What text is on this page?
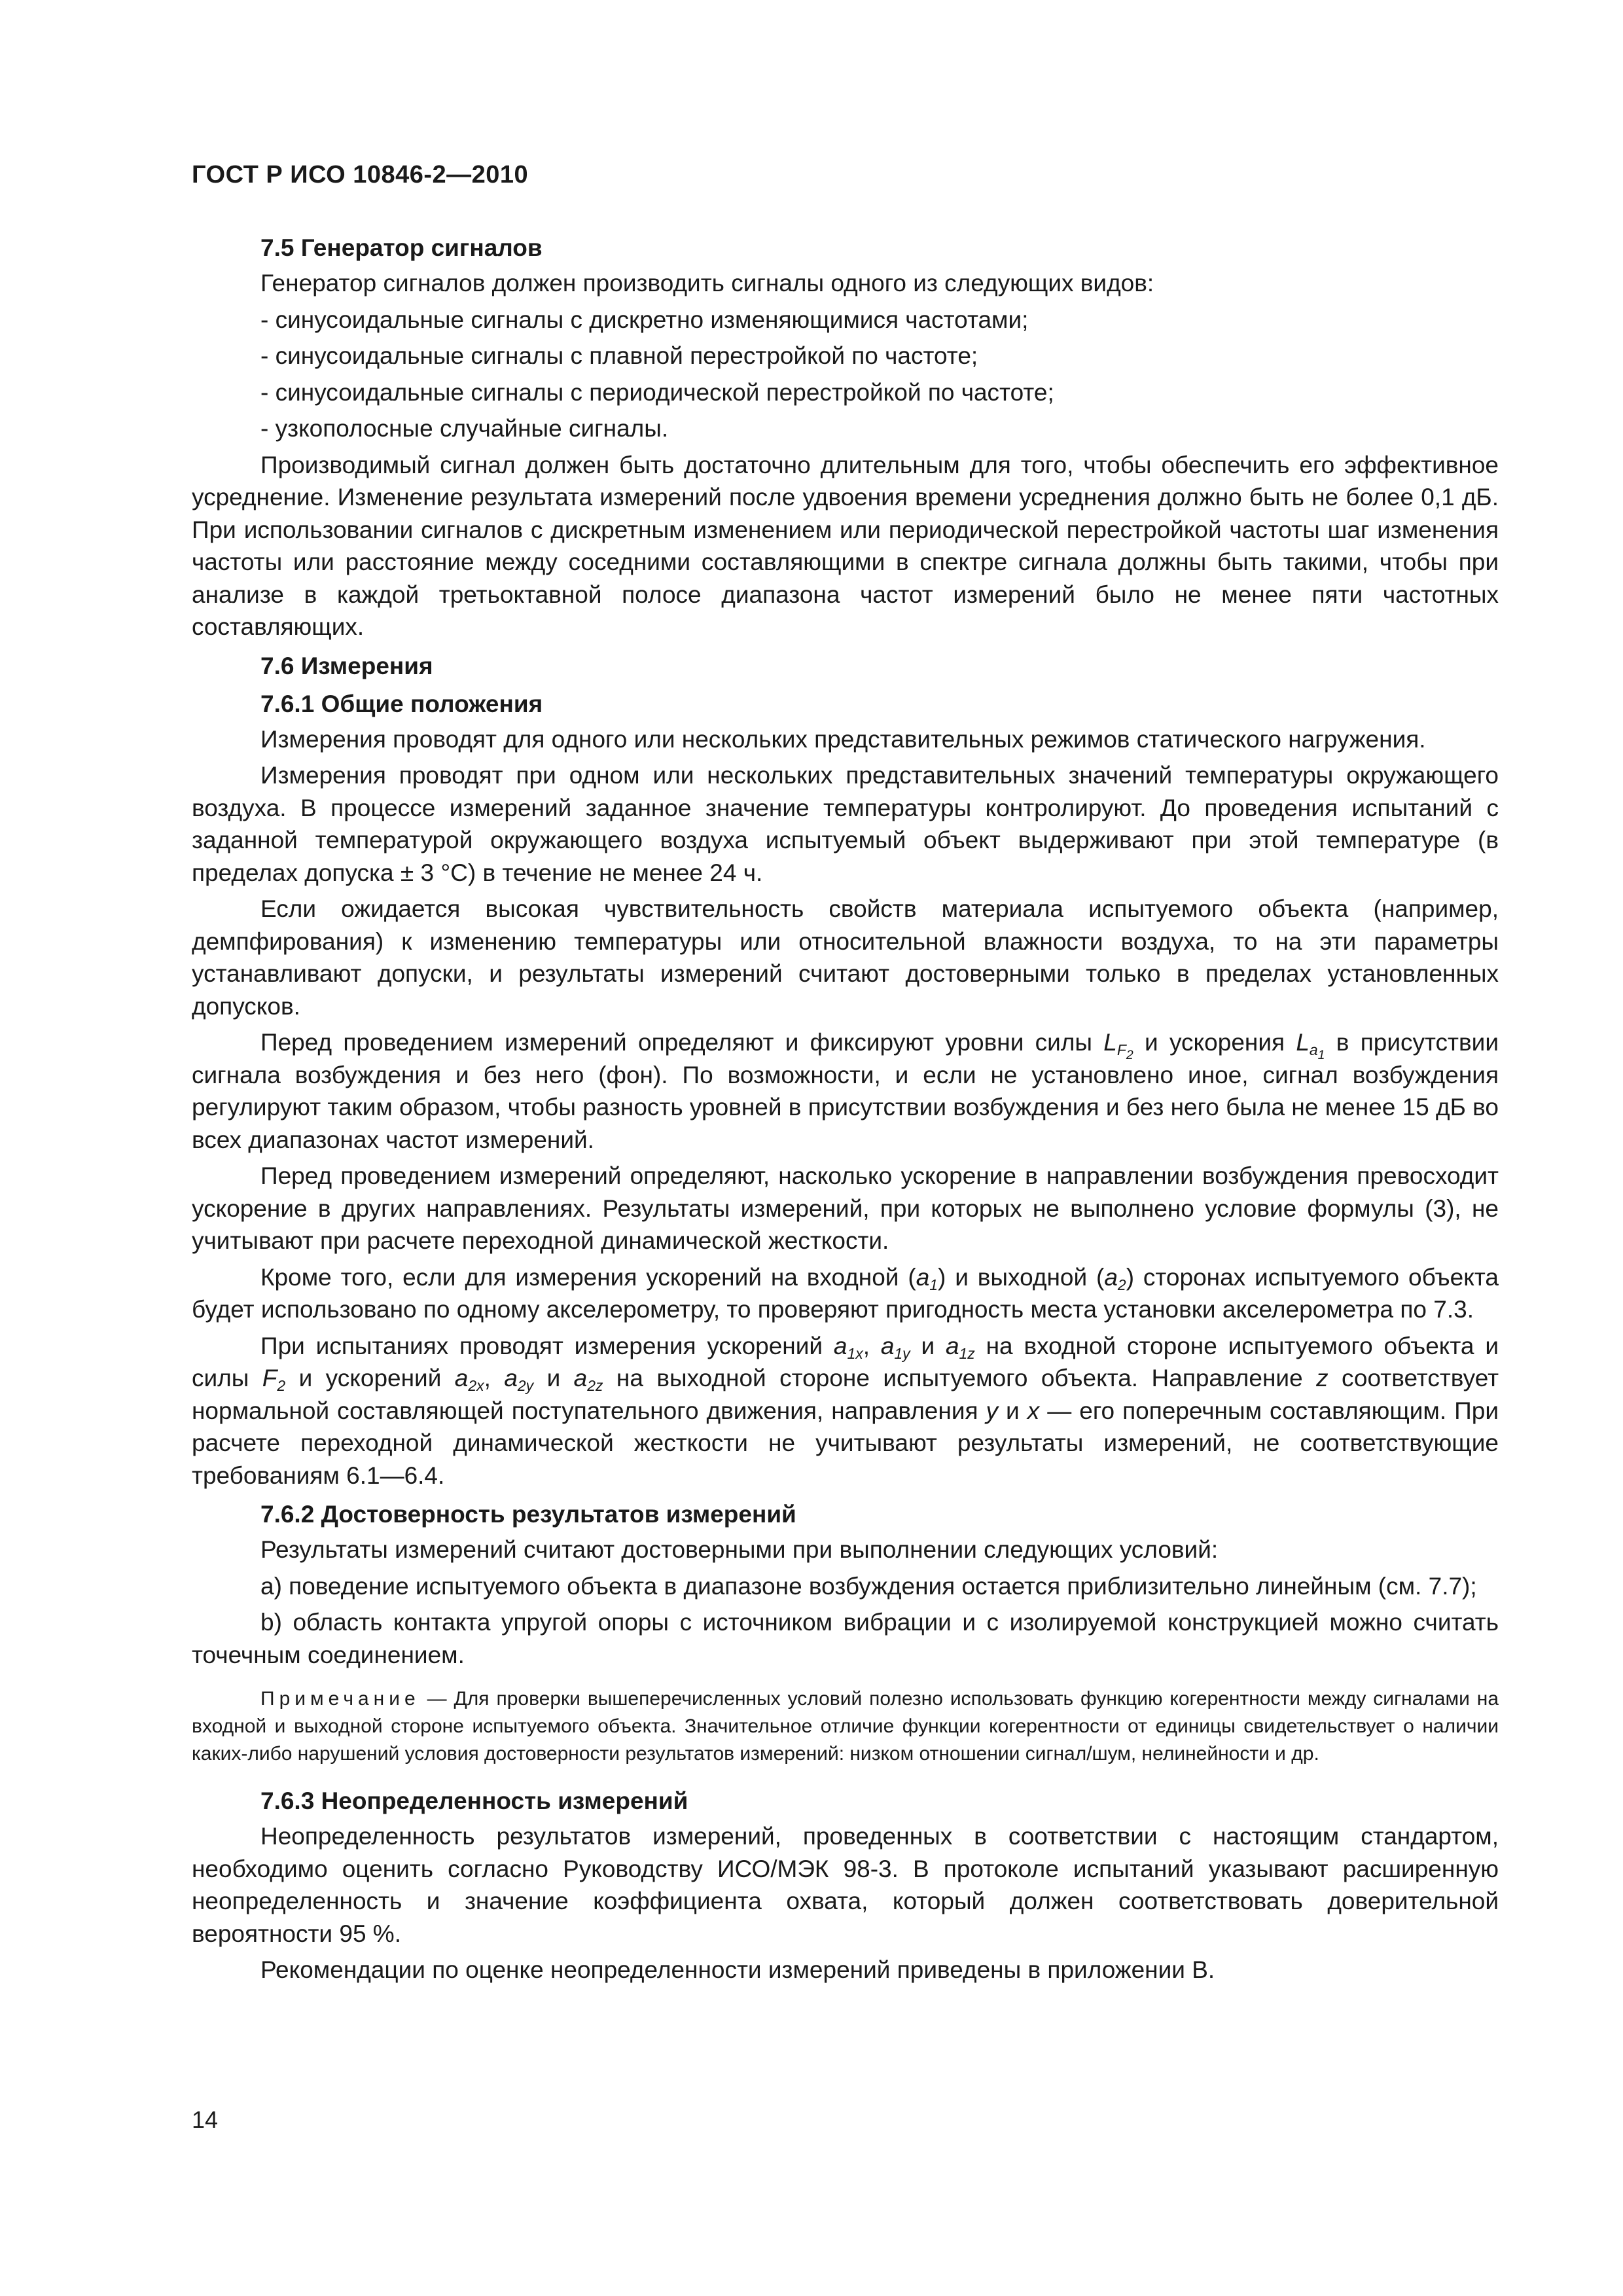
ГОСТ Р ИСО 10846-2—2010

7.5 Генератор сигналов

Генератор сигналов должен производить сигналы одного из следующих видов:

- синусоидальные сигналы с дискретно изменяющимися частотами;

- синусоидальные сигналы с плавной перестройкой по частоте;

- синусоидальные сигналы с периодической перестройкой по частоте;

- узкополосные случайные сигналы.

Производимый сигнал должен быть достаточно длительным для того, чтобы обеспечить его эффективное усреднение. Изменение результата измерений после удвоения времени усреднения должно быть не более 0,1 дБ. При использовании сигналов с дискретным изменением или периодической перестройкой частоты шаг изменения частоты или расстояние между соседними составляющими в спектре сигнала должны быть такими, чтобы при анализе в каждой третьоктавной полосе диапазона частот измерений было не менее пяти частотных составляющих.

7.6 Измерения

7.6.1 Общие положения

Измерения проводят для одного или нескольких представительных режимов статического нагружения.

Измерения проводят при одном или нескольких представительных значений температуры окружающего воздуха. В процессе измерений заданное значение температуры контролируют. До проведения испытаний с заданной температурой окружающего воздуха испытуемый объект выдерживают при этой температуре (в пределах допуска ± 3 °С) в течение не менее 24 ч.

Если ожидается высокая чувствительность свойств материала испытуемого объекта (например, демпфирования) к изменению температуры или относительной влажности воздуха, то на эти параметры устанавливают допуски, и результаты измерений считают достоверными только в пределах установленных допусков.

Перед проведением измерений определяют и фиксируют уровни силы $L_{F_2}$ и ускорения $L_{a_1}$ в присутствии сигнала возбуждения и без него (фон). По возможности, и если не установлено иное, сигнал возбуждения регулируют таким образом, чтобы разность уровней в присутствии возбуждения и без него была не менее 15 дБ во всех диапазонах частот измерений.

Перед проведением измерений определяют, насколько ускорение в направлении возбуждения превосходит ускорение в других направлениях. Результаты измерений, при которых не выполнено условие формулы (3), не учитывают при расчете переходной динамической жесткости.

Кроме того, если для измерения ускорений на входной $(a_1)$ и выходной $(a_2)$ сторонах испытуемого объекта будет использовано по одному акселерометру, то проверяют пригодность места установки акселерометра по 7.3.

При испытаниях проводят измерения ускорений $a_{1x}$, $a_{1y}$ и $a_{1z}$ на входной стороне испытуемого объекта и силы $F_2$ и ускорений $a_{2x}$, $a_{2y}$ и $a_{2z}$ на выходной стороне испытуемого объекта. Направление z соответствует нормальной составляющей поступательного движения, направления y и x — его поперечным составляющим. При расчете переходной динамической жесткости не учитывают результаты измерений, не соответствующие требованиям 6.1—6.4.

7.6.2 Достоверность результатов измерений

Результаты измерений считают достоверными при выполнении следующих условий:

a) поведение испытуемого объекта в диапазоне возбуждения остается приблизительно линейным (см. 7.7);

b) область контакта упругой опоры с источником вибрации и с изолируемой конструкцией можно считать точечным соединением.

Примечание — Для проверки вышеперечисленных условий полезно использовать функцию когерентности между сигналами на входной и выходной стороне испытуемого объекта. Значительное отличие функции когерентности от единицы свидетельствует о наличии каких-либо нарушений условия достоверности результатов измерений: низком отношении сигнал/шум, нелинейности и др.

7.6.3 Неопределенность измерений

Неопределенность результатов измерений, проведенных в соответствии с настоящим стандартом, необходимо оценить согласно Руководству ИСО/МЭК 98-3. В протоколе испытаний указывают расширенную неопределенность и значение коэффициента охвата, который должен соответствовать доверительной вероятности 95 %.

Рекомендации по оценке неопределенности измерений приведены в приложении В.

14
